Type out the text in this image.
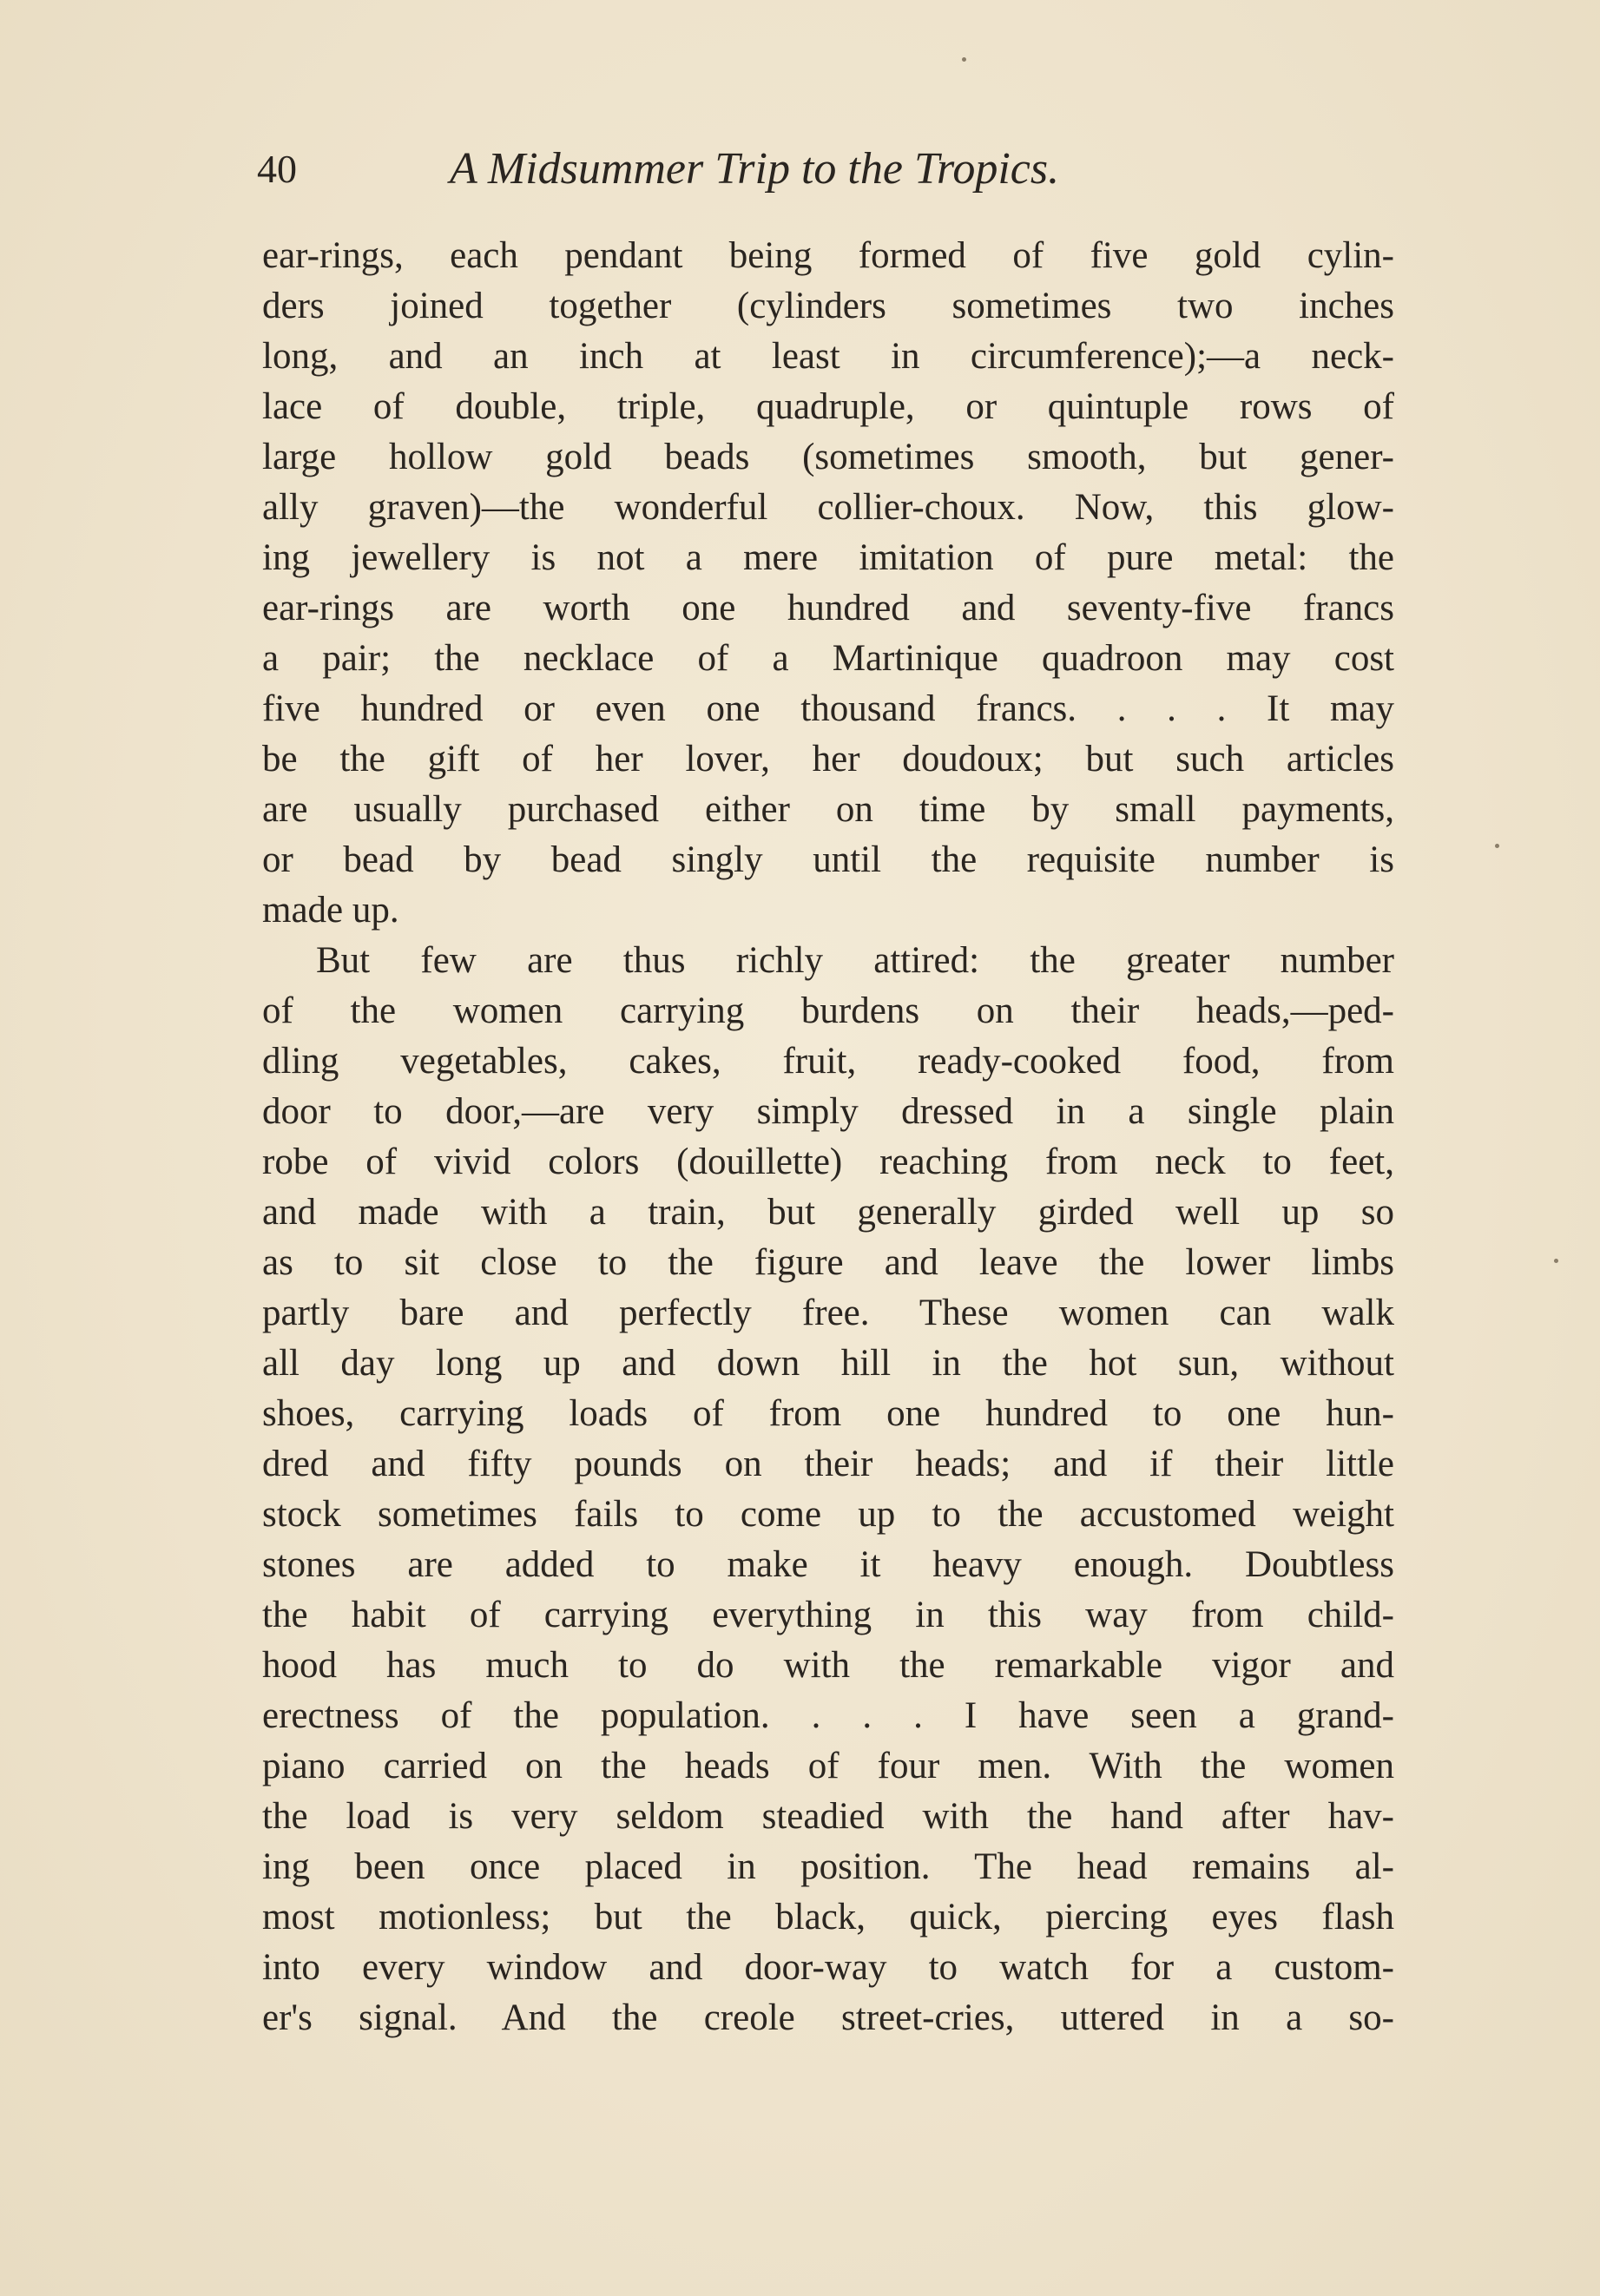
40	A Midsummer Trip to the Tropics.
ear-rings, each pendant being formed of five gold cylin-
ders joined together (cylinders sometimes two inches
long, and an inch at least in circumference);—a neck-
lace of double, triple, quadruple, or quintuple rows of
large hollow gold beads (sometimes smooth, but gener-
ally graven)—the wonderful collier-choux. Now, this glow-
ing jewellery is not a mere imitation of pure metal: the
ear-rings are worth one hundred and seventy-five francs
a pair; the necklace of a Martinique quadroon may cost
five hundred or even one thousand francs. . . . It may
be the gift of her lover, her doudoux; but such articles
are usually purchased either on time by small payments,
or bead by bead singly until the requisite number is
made up.
But few are thus richly attired: the greater number
of the women carrying burdens on their heads,—ped-
dling vegetables, cakes, fruit, ready-cooked food, from
door to door,—are very simply dressed in a single plain
robe of vivid colors (douillette) reaching from neck to feet,
and made with a train, but generally girded well up so
as to sit close to the figure and leave the lower limbs
partly bare and perfectly free. These women can walk
all day long up and down hill in the hot sun, without
shoes, carrying loads of from one hundred to one hun-
dred and fifty pounds on their heads; and if their little
stock sometimes fails to come up to the accustomed weight
stones are added to make it heavy enough. Doubtless
the habit of carrying everything in this way from child-
hood has much to do with the remarkable vigor and
erectness of the population. . . . I have seen a grand-
piano carried on the heads of four men. With the women
the load is very seldom steadied with the hand after hav-
ing been once placed in position. The head remains al-
most motionless; but the black, quick, piercing eyes flash
into every window and door-way to watch for a custom-
er's signal. And the creole street-cries, uttered in a so-
